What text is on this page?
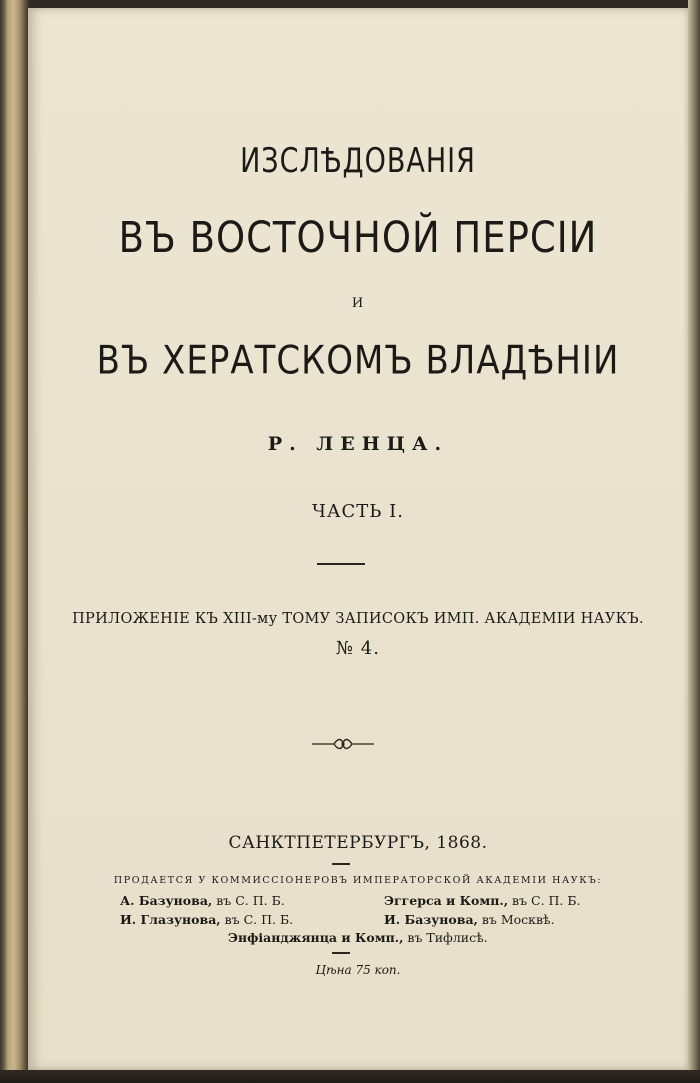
ИЗСЛѢДОВАНІЯ
ВЪ ВОСТОЧНОЙ ПЕРСІИ
И
ВЪ ХЕРАТСКОМЪ ВЛАДѢНІИ
Р. ЛЕНЦА.
ЧАСТЬ I.
ПРИЛОЖЕНІЕ КЪ XIII-му ТОМУ ЗАПИСОКЪ ИМП. АКАДЕМІИ НАУКЪ.
№ 4.
САНКТПЕТЕРБУРГЪ, 1868.
ПРОДАЕТСЯ У КОММИССІОНЕРОВЪ ИМПЕРАТОРСКОЙ АКАДЕМІИ НАУКЪ:
А. Базунова, въ С. П. Б.	Эггерса и Комп., въ С. П. Б.
И. Глазунова, въ С. П. Б.	И. Базунова, въ Москвѣ.
Энфіанджянца и Комп., въ Тифлисѣ.
Цѣна 75 коп.
